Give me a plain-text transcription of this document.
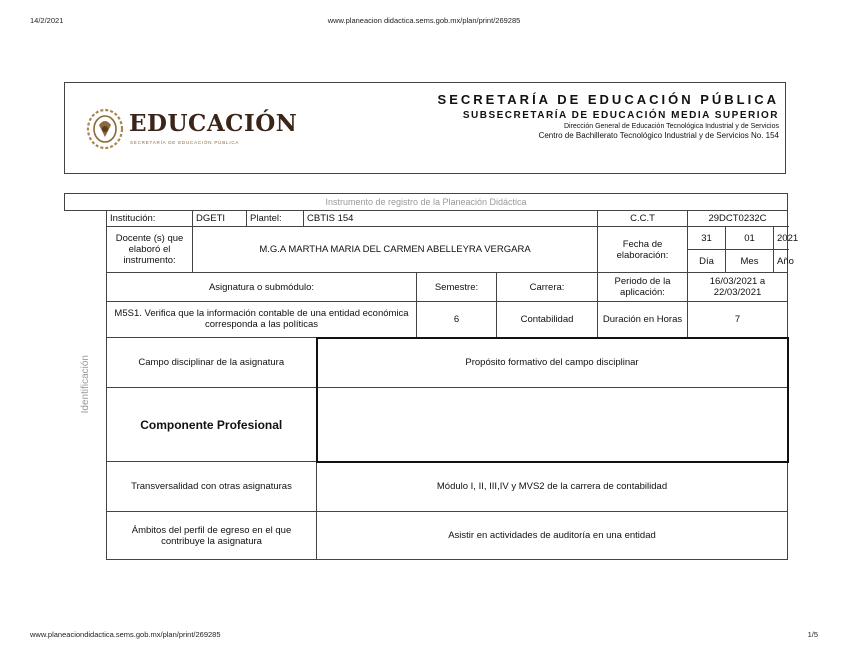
14/2/2021	www.planeacion didactica.sems.gob.mx/plan/print/269285
EDUCACIÓN
SECRETARÍA DE EDUCACIÓN PÚBLICA
SECRETARÍA DE EDUCACIÓN PÚBLICA
SUBSECRETARÍA DE EDUCACIÓN MEDIA SUPERIOR
Dirección General de Educación Tecnológica Industrial y de Servicios
Centro de Bachillerato Tecnológico Industrial y de Servicios No. 154
Instrumento de registro de la Planeación Didáctica											
Identificación	Institución:	DGETI	Plantel:	CBTIS 154				C.C.T	29DCT0232C		
	Docente (s) que elaboró el instrumento:	M.G.A MARTHA MARIA DEL CARMEN ABELLEYRA VERGARA						Fecha de elaboración:	31	01	2021
									Día	Mes	Año
	Asignatura o submódulo:					Semestre:	Carrera:	Periodo de la aplicación:	16/03/2021 a 22/03/2021		
	M5S1. Verifica que la información contable de una entidad económica corresponda a las políticas					6	Contabilidad	Duración en Horas	7		
	Campo disciplinar de la asignatura				Propósito formativo del campo disciplinar						
	Componente Profesional										
	Transversalidad con otras asignaturas				Módulo I, II, III,IV y MVS2 de la carrera de contabilidad						
	Ámbitos del perfil de egreso en el que contribuye la asignatura				Asistir en actividades de auditoría en una entidad						
www.planeaciondidactica.sems.gob.mx/plan/print/269285	1/5
